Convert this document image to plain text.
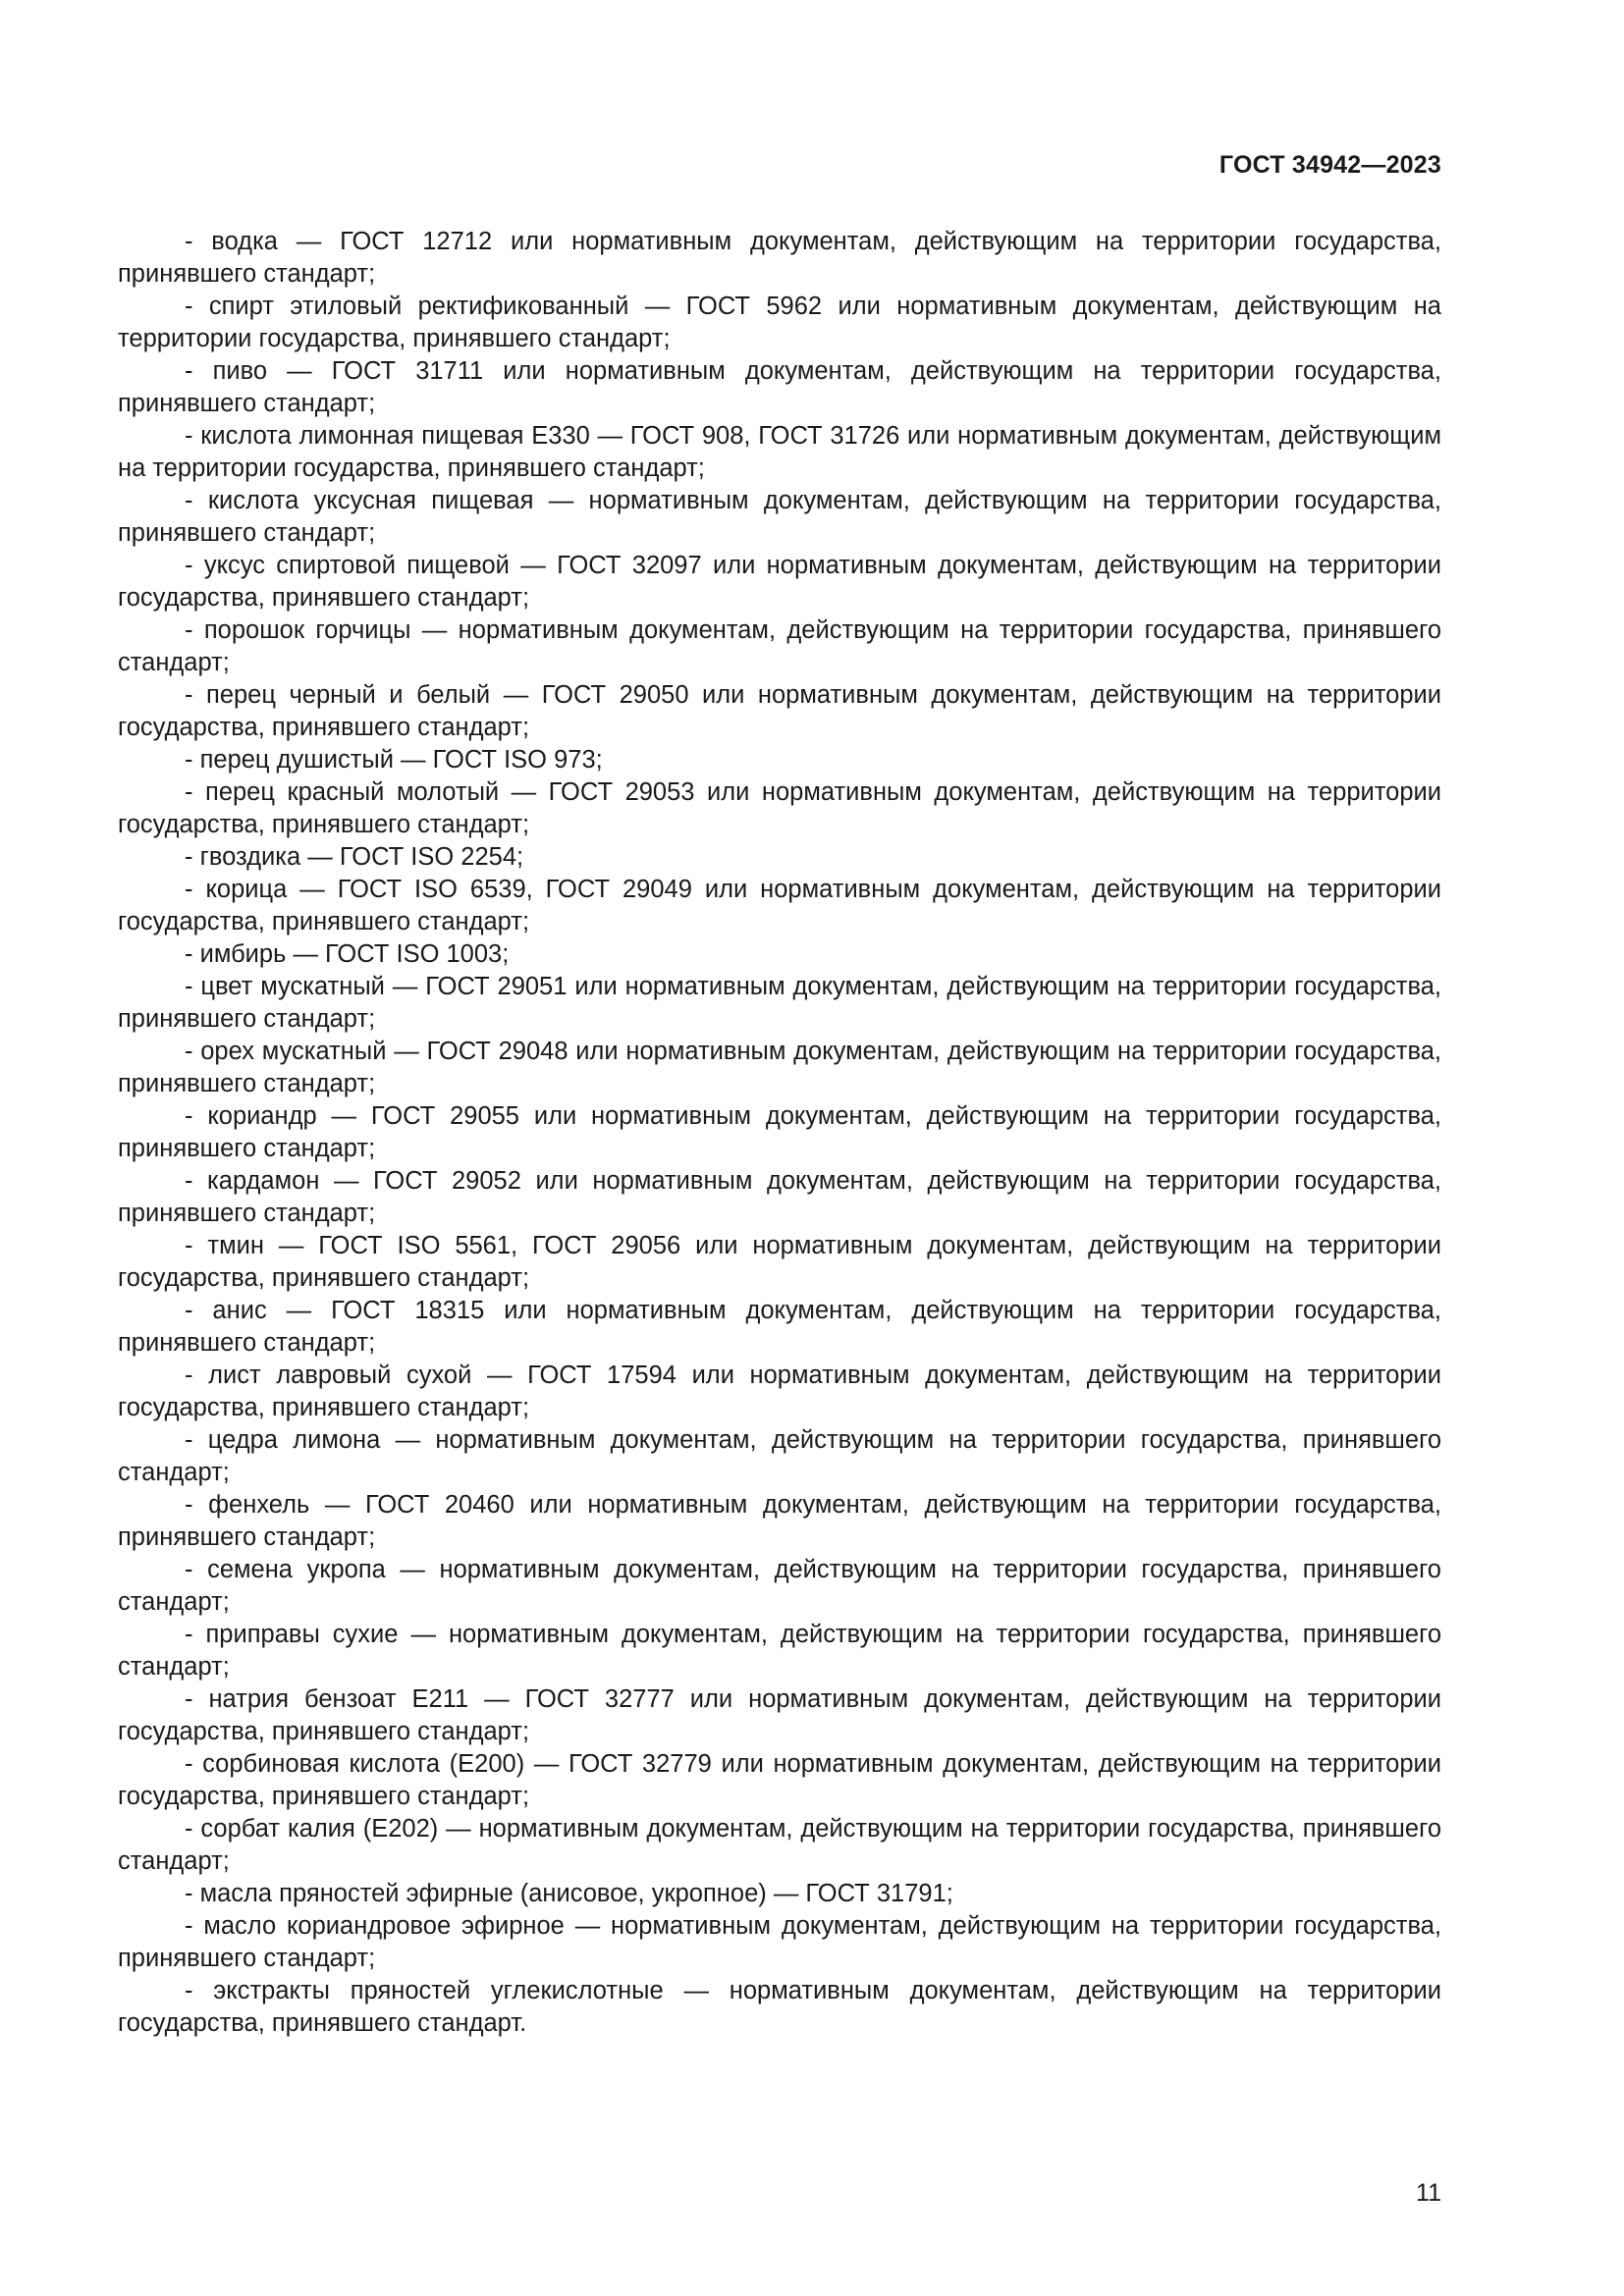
ГОСТ 34942—2023

- водка — ГОСТ 12712 или нормативным документам, действующим на территории государства, принявшего стандарт;

- спирт этиловый ректификованный — ГОСТ 5962 или нормативным документам, действующим на территории государства, принявшего стандарт;

- пиво — ГОСТ 31711 или нормативным документам, действующим на территории государства, принявшего стандарт;

- кислота лимонная пищевая Е330 — ГОСТ 908, ГОСТ 31726 или нормативным документам, действующим на территории государства, принявшего стандарт;

- кислота уксусная пищевая — нормативным документам, действующим на территории государства, принявшего стандарт;

- уксус спиртовой пищевой — ГОСТ 32097 или нормативным документам, действующим на территории государства, принявшего стандарт;

- порошок горчицы — нормативным документам, действующим на территории государства, принявшего стандарт;

- перец черный и белый — ГОСТ 29050 или нормативным документам, действующим на территории государства, принявшего стандарт;

- перец душистый — ГОСТ ISO 973;

- перец красный молотый — ГОСТ 29053 или нормативным документам, действующим на территории государства, принявшего стандарт;

- гвоздика — ГОСТ ISO 2254;

- корица — ГОСТ ISO 6539, ГОСТ 29049 или нормативным документам, действующим на территории государства, принявшего стандарт;

- имбирь — ГОСТ ISO 1003;

- цвет мускатный — ГОСТ 29051 или нормативным документам, действующим на территории государства, принявшего стандарт;

- орех мускатный — ГОСТ 29048 или нормативным документам, действующим на территории государства, принявшего стандарт;

- кориандр — ГОСТ 29055 или нормативным документам, действующим на территории государства, принявшего стандарт;

- кардамон — ГОСТ 29052 или нормативным документам, действующим на территории государства, принявшего стандарт;

- тмин — ГОСТ ISO 5561, ГОСТ 29056 или нормативным документам, действующим на территории государства, принявшего стандарт;

- анис — ГОСТ 18315 или нормативным документам, действующим на территории государства, принявшего стандарт;

- лист лавровый сухой — ГОСТ 17594 или нормативным документам, действующим на территории государства, принявшего стандарт;

- цедра лимона — нормативным документам, действующим на территории государства, принявшего стандарт;

- фенхель — ГОСТ 20460 или нормативным документам, действующим на территории государства, принявшего стандарт;

- семена укропа — нормативным документам, действующим на территории государства, принявшего стандарт;

- приправы сухие — нормативным документам, действующим на территории государства, принявшего стандарт;

- натрия бензоат Е211 — ГОСТ 32777 или нормативным документам, действующим на территории государства, принявшего стандарт;

- сорбиновая кислота (Е200) — ГОСТ 32779 или нормативным документам, действующим на территории государства, принявшего стандарт;

- сорбат калия (Е202) — нормативным документам, действующим на территории государства, принявшего стандарт;

- масла пряностей эфирные (анисовое, укропное) — ГОСТ 31791;

- масло кориандровое эфирное — нормативным документам, действующим на территории государства, принявшего стандарт;

- экстракты пряностей углекислотные — нормативным документам, действующим на территории государства, принявшего стандарт.

11
